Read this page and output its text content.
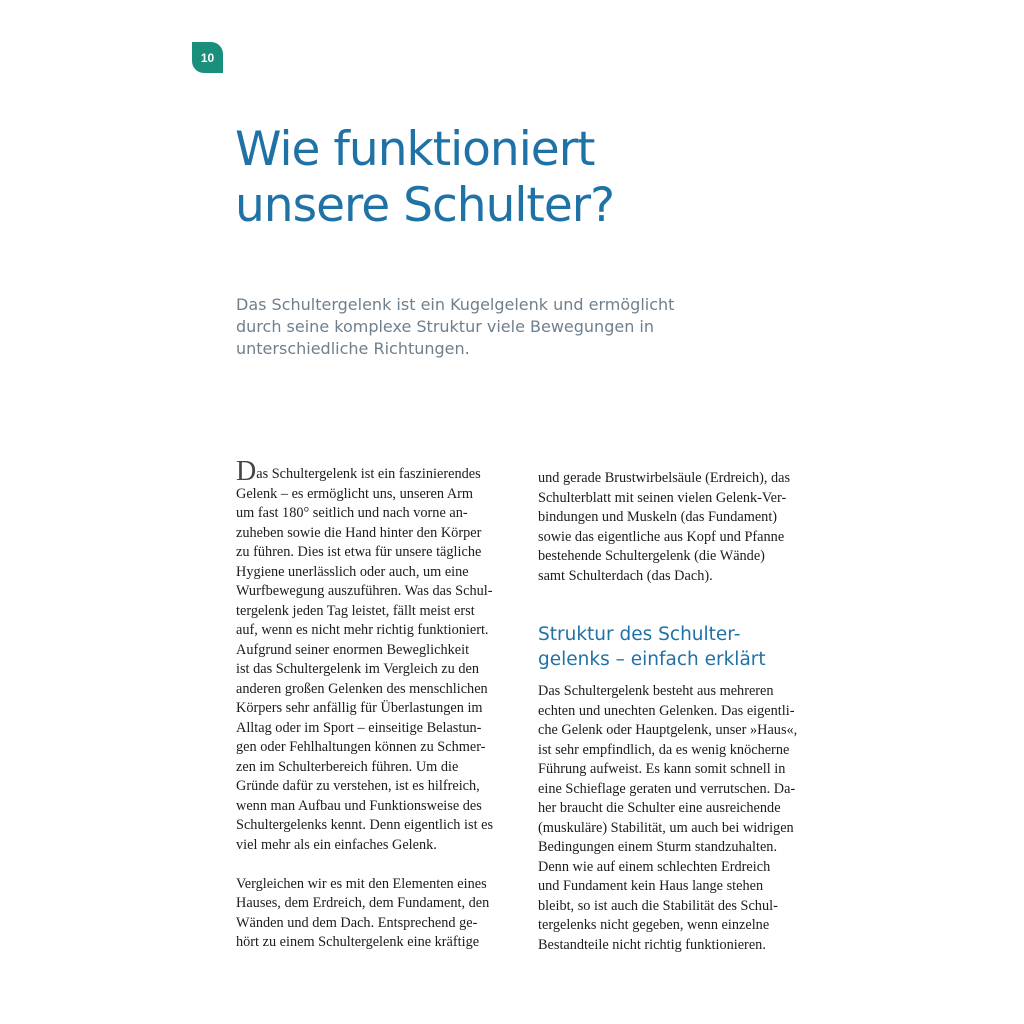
10
Wie funktioniert
unsere Schulter?
Das Schultergelenk ist ein Kugelgelenk und ermöglicht
durch seine komplexe Struktur viele Bewegungen in
unterschiedliche Richtungen.
Das Schultergelenk ist ein faszinierendes
Gelenk – es ermöglicht uns, unseren Arm
um fast 180° seitlich und nach vorne an-
zuheben sowie die Hand hinter den Körper
zu führen. Dies ist etwa für unsere tägliche
Hygiene unerlässlich oder auch, um eine
Wurfbewegung auszuführen. Was das Schul-
tergelenk jeden Tag leistet, fällt meist erst
auf, wenn es nicht mehr richtig funktioniert.
Aufgrund seiner enormen Beweglichkeit
ist das Schultergelenk im Vergleich zu den
anderen großen Gelenken des menschlichen
Körpers sehr anfällig für Überlastungen im
Alltag oder im Sport – einseitige Belastun-
gen oder Fehlhaltungen können zu Schmer-
zen im Schulterbereich führen. Um die
Gründe dafür zu verstehen, ist es hilfreich,
wenn man Aufbau und Funktionsweise des
Schultergelenks kennt. Denn eigentlich ist es
viel mehr als ein einfaches Gelenk.
Vergleichen wir es mit den Elementen eines
Hauses, dem Erdreich, dem Fundament, den
Wänden und dem Dach. Entsprechend ge-
hört zu einem Schultergelenk eine kräftige
und gerade Brustwirbelsäule (Erdreich), das
Schulterblatt mit seinen vielen Gelenk-Ver-
bindungen und Muskeln (das Fundament)
sowie das eigentliche aus Kopf und Pfanne
bestehende Schultergelenk (die Wände)
samt Schulterdach (das Dach).
Struktur des Schulter-
gelenks – einfach erklärt
Das Schultergelenk besteht aus mehreren
echten und unechten Gelenken. Das eigentli-
che Gelenk oder Hauptgelenk, unser »Haus«,
ist sehr empfindlich, da es wenig knöcherne
Führung aufweist. Es kann somit schnell in
eine Schieflage geraten und verrutschen. Da-
her braucht die Schulter eine ausreichende
(muskuläre) Stabilität, um auch bei widrigen
Bedingungen einem Sturm standzuhalten.
Denn wie auf einem schlechten Erdreich
und Fundament kein Haus lange stehen
bleibt, so ist auch die Stabilität des Schul-
tergelenks nicht gegeben, wenn einzelne
Bestandteile nicht richtig funktionieren.
